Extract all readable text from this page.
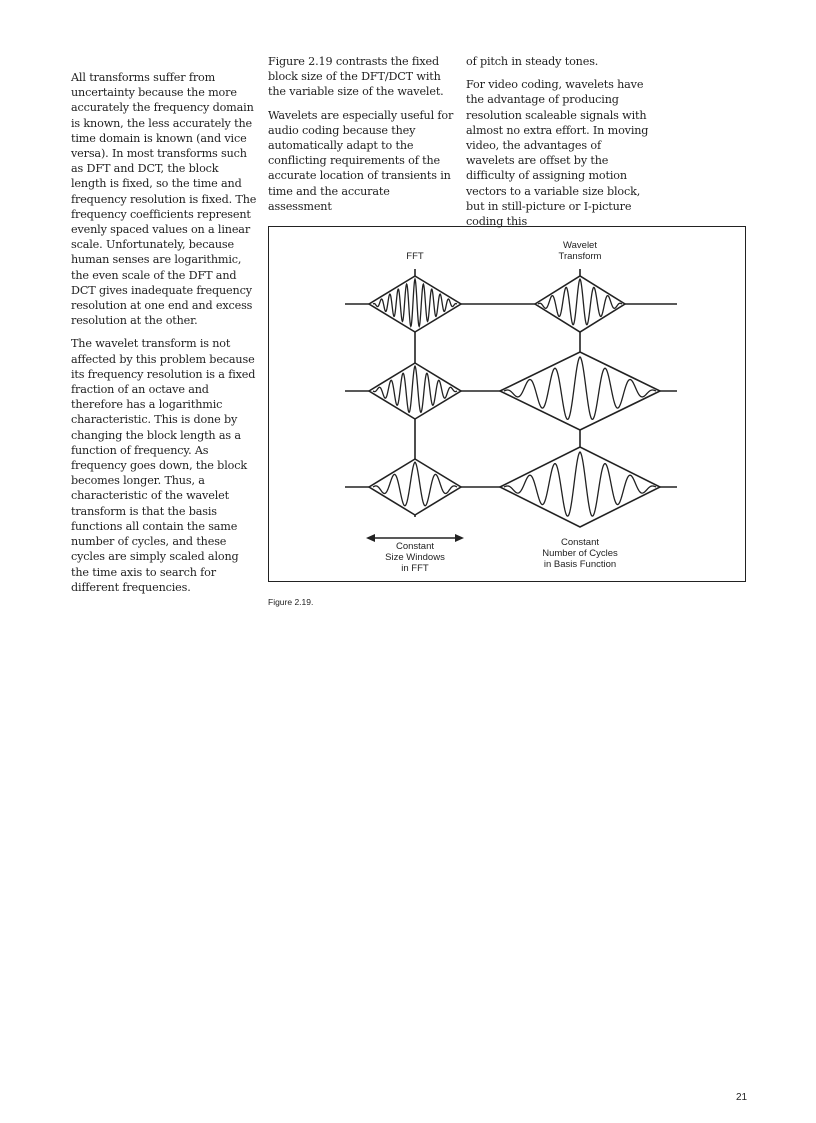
All transforms suffer from uncertainty because the more accurately the frequency domain is known, the less accurately the time domain is known (and vice versa). In most transforms such as DFT and DCT, the block length is fixed, so the time and frequency resolution is fixed. The frequency coefficients represent evenly spaced values on a linear scale. Unfortunately, because human senses are logarithmic, the even scale of the DFT and DCT gives inadequate frequency resolution at one end and excess resolution at the other.

The wavelet transform is not affected by this problem because its frequency resolution is a fixed fraction of an octave and therefore has a logarithmic characteristic. This is done by changing the block length as a function of frequency. As frequency goes down, the block becomes longer. Thus, a characteristic of the wavelet transform is that the basis functions all contain the same number of cycles, and these cycles are simply scaled along the time axis to search for different frequencies.

Figure 2.19 contrasts the fixed block size of the DFT/DCT with the variable size of the wavelet.

Wavelets are especially useful for audio coding because they automatically adapt to the conflicting requirements of the accurate location of transients in time and the accurate assessment

of pitch in steady tones.

For video coding, wavelets have the advantage of producing resolution scaleable signals with almost no extra effort. In moving video, the advantages of wavelets are offset by the difficulty of assigning motion vectors to a variable size block, but in still-picture or I-picture coding this

FFT
Wavelet
Transform
Constant
Size Windows
in FFT
Constant
Number of Cycles
in Basis Function
Figure 2.19.
21
